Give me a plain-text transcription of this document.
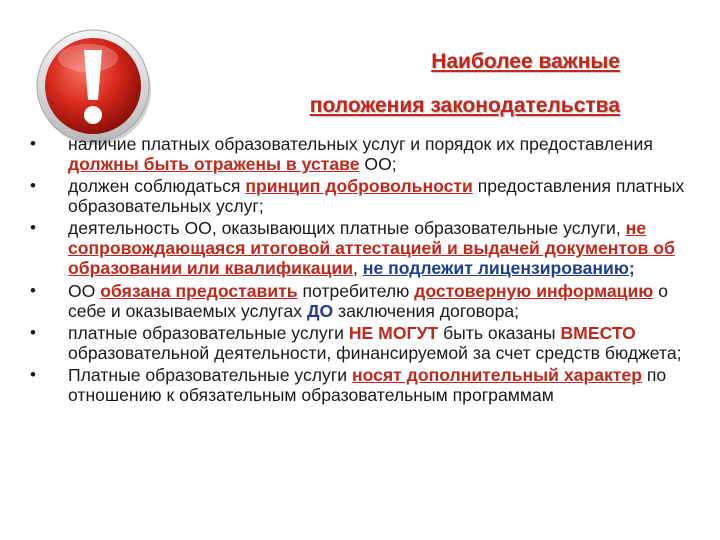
Наиболее важные
положения законодательства
• наличие платных образовательных услуг и порядок их предоставления должны быть отражены в уставе ОО;
• должен соблюдаться принцип добровольности предоставления платных образовательных услуг;
• деятельность ОО, оказывающих платные образовательные услуги, не сопровождающаяся итоговой аттестацией и выдачей документов об образовании или квалификации, не подлежит лицензированию;
• ОО обязана предоставить потребителю достоверную информацию о себе и оказываемых услугах ДО заключения договора;
• платные образовательные услуги НЕ МОГУТ быть оказаны ВМЕСТО образовательной деятельности, финансируемой за счет средств бюджета;
• Платные образовательные услуги носят дополнительный характер по отношению к обязательным образовательным программам
